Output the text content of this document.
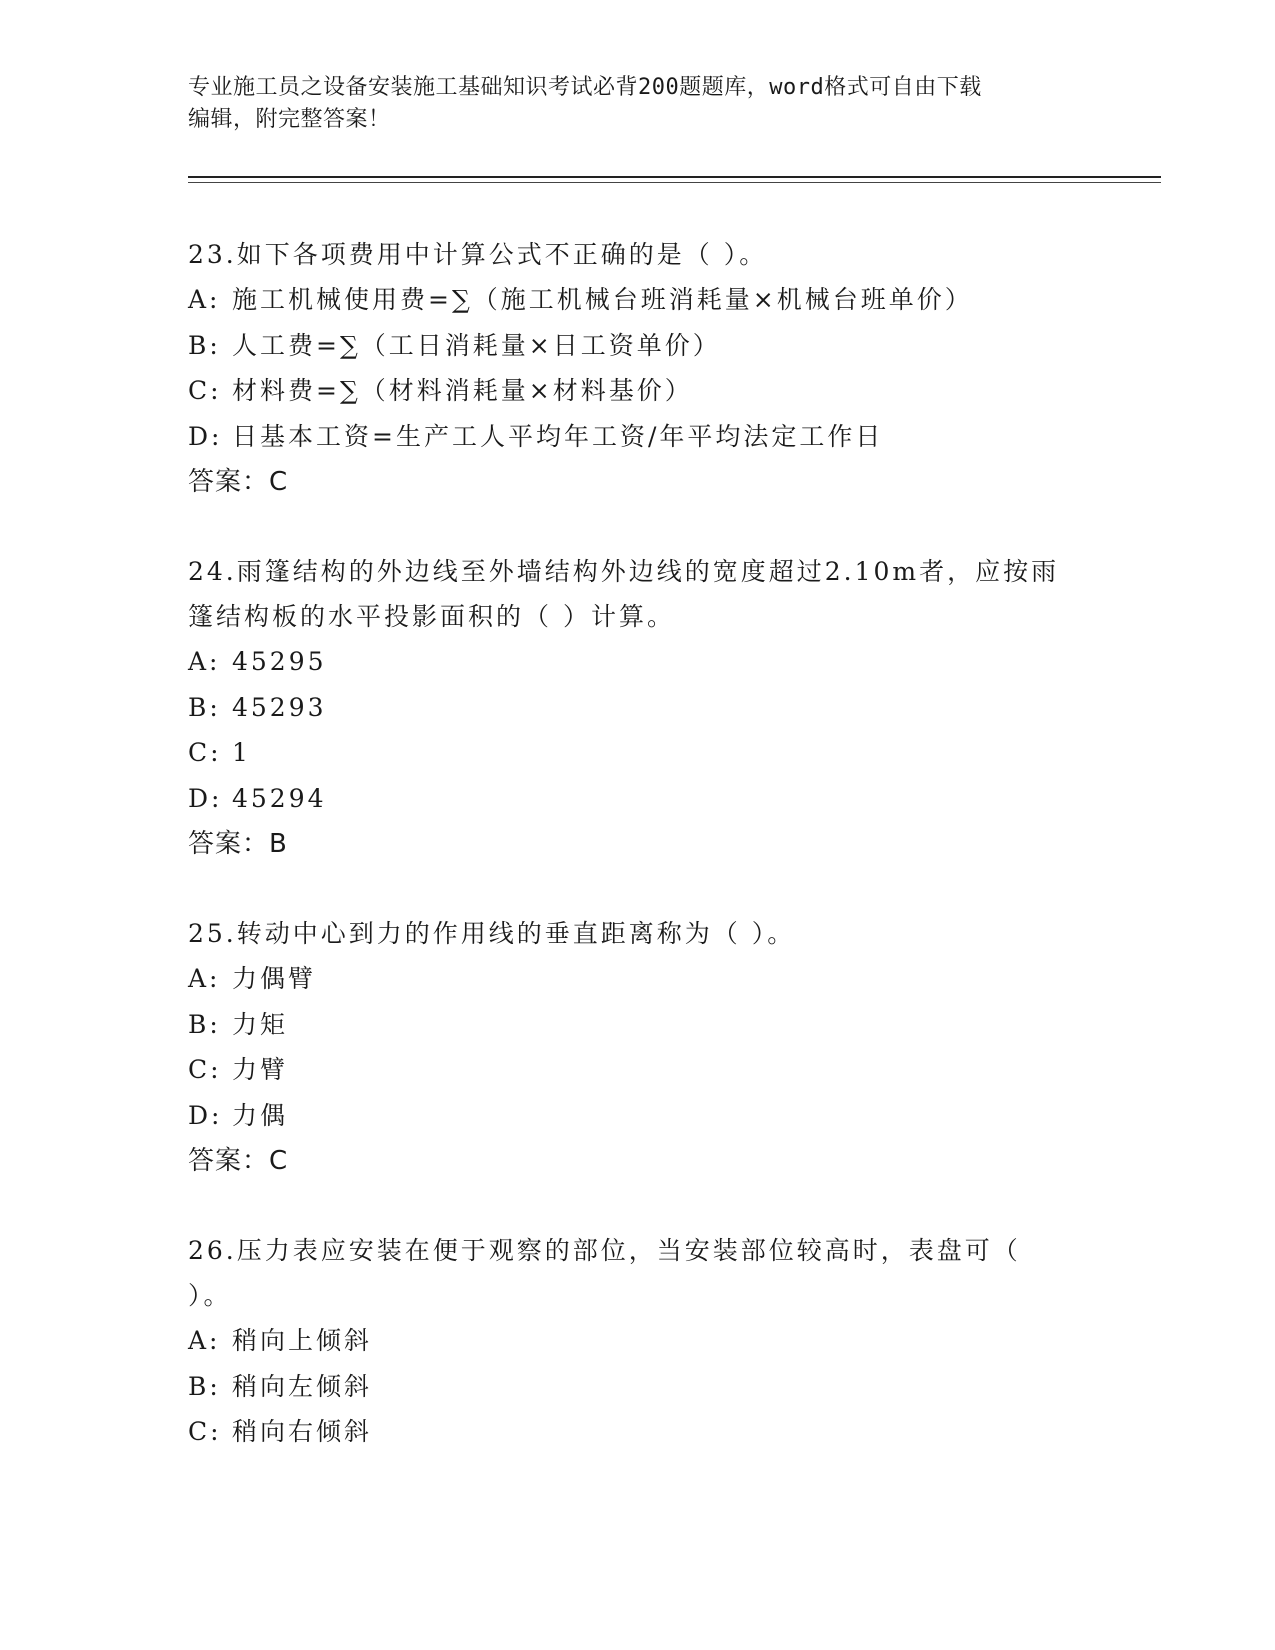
专业施工员之设备安装施工基础知识考试必背200题题库，word格式可自由下载
编辑，附完整答案！

23.如下各项费用中计算公式不正确的是（ ）。

A: 施工机械使用费=∑（施工机械台班消耗量×机械台班单价）

B: 人工费=∑（工日消耗量×日工资单价）

C: 材料费=∑（材料消耗量×材料基价）

D: 日基本工资=生产工人平均年工资/年平均法定工作日

答案：C

24.雨篷结构的外边线至外墙结构外边线的宽度超过2.10m者，应按雨

篷结构板的水平投影面积的（ ）计算。

A: 45295

B: 45293

C: 1

D: 45294

答案：B

25.转动中心到力的作用线的垂直距离称为（ ）。

A: 力偶臂

B: 力矩

C: 力臂

D: 力偶

答案：C

26.压力表应安装在便于观察的部位，当安装部位较高时，表盘可（

）。

A: 稍向上倾斜

B: 稍向左倾斜

C: 稍向右倾斜
